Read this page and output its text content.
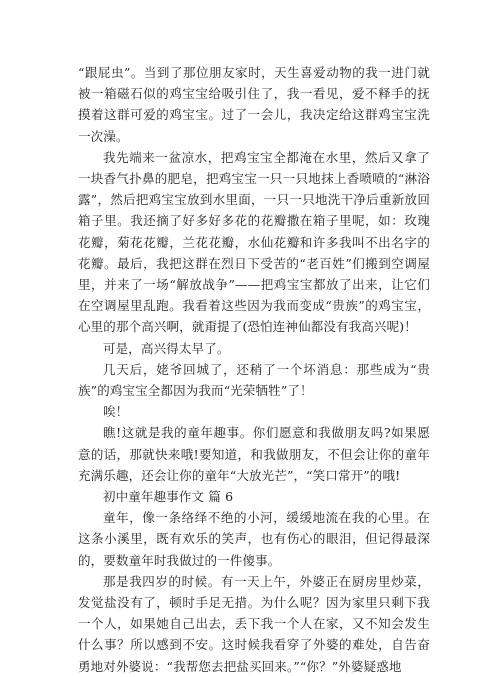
“跟屁虫”。当到了那位朋友家时，天生喜爱动物的我一进门就被一箱磁石似的鸡宝宝给吸引住了，我一看见，爱不释手的抚摸着这群可爱的鸡宝宝。过了一会儿，我决定给这群鸡宝宝洗一次澡。

我先端来一盆凉水，把鸡宝宝全都淹在水里，然后又拿了一块香气扑鼻的肥皂，把鸡宝宝一只一只地抹上香喷喷的“淋浴露”，然后把鸡宝宝放到水里面，一只一只地洗干净后重新放回箱子里。我还摘了好多好多花的花瓣撒在箱子里呢，如：玫瑰花瓣，菊花花瓣，兰花花瓣，水仙花瓣和许多我叫不出名字的花瓣。最后，我把这群在烈日下受苦的“老百姓”们搬到空调屋里，并来了一场“解放战争”——把鸡宝宝都放了出来，让它们在空调屋里乱跑。我看着这些因为我而变成“贵族”的鸡宝宝，心里的那个高兴啊，就甭提了(恐怕连神仙都没有我高兴呢)！

可是，高兴得太早了。

几天后，姥爷回城了，还稍了一个坏消息：那些成为“贵族”的鸡宝宝全都因为我而“光荣牺牲”了！

唉！

瞧!这就是我的童年趣事。你们愿意和我做朋友吗?如果愿意的话，那就快来哦!要知道，和我做朋友，不但会让你的童年充满乐趣，还会让你的童年“大放光芒”，“笑口常开”的哦!

初中童年趣事作文 篇 6

童年，像一条络绎不绝的小河，缓缓地流在我的心里。在这条小溪里，既有欢乐的笑声，也有伤心的眼泪，但记得最深的，要数童年时我做过的一件傻事。

那是我四岁的时候。有一天上午，外婆正在厨房里炒菜，发觉盐没有了，顿时手足无措。为什么呢？因为家里只剩下我一个人，如果她自己出去，丢下我一个人在家，又不知会发生什么事？所以感到不安。这时候我看穿了外婆的难处，自告奋勇地对外婆说：“我帮您去把盐买回来。”“你？”外婆疑惑地
